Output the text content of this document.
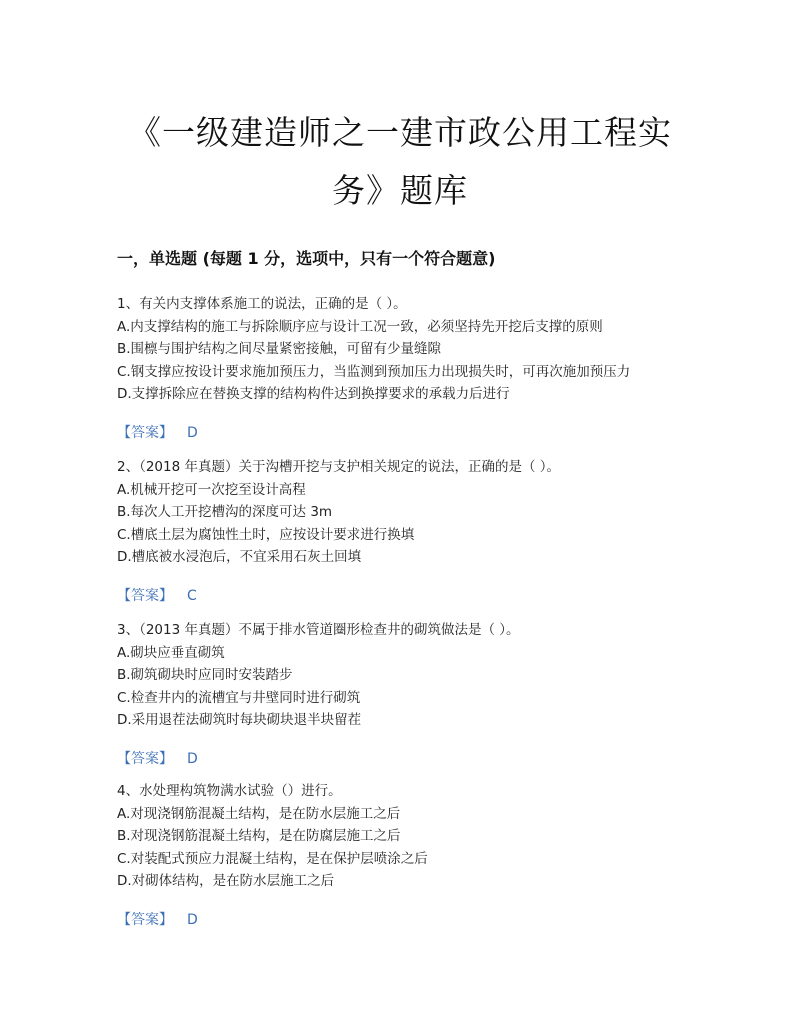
《一级建造师之一建市政公用工程实
务》题库
一，单选题 (每题 1 分，选项中，只有一个符合题意)
1、有关内支撑体系施工的说法，正确的是（ ）。
A.内支撑结构的施工与拆除顺序应与设计工况一致，必须坚持先开挖后支撑的原则
B.围檩与围护结构之间尽量紧密接触，可留有少量缝隙
C.钢支撑应按设计要求施加预压力，当监测到预加压力出现损失时，可再次施加预压力
D.支撑拆除应在替换支撑的结构构件达到换撑要求的承载力后进行
【答案】 D
2、（2018 年真题）关于沟槽开挖与支护相关规定的说法，正确的是（ ）。
A.机械开挖可一次挖至设计高程
B.每次人工开挖槽沟的深度可达 3m
C.槽底土层为腐蚀性土时，应按设计要求进行换填
D.槽底被水浸泡后，不宜采用石灰土回填
【答案】 C
3、（2013 年真题）不属于排水管道圈形检查井的砌筑做法是（ ）。
A.砌块应垂直砌筑
B.砌筑砌块时应同时安装踏步
C.检查井内的流槽宜与井壁同时进行砌筑
D.采用退茬法砌筑时每块砌块退半块留茬
【答案】 D
4、水处理构筑物满水试验（）进行。
A.对现浇钢筋混凝土结构，是在防水层施工之后
B.对现浇钢筋混凝土结构，是在防腐层施工之后
C.对装配式预应力混凝土结构，是在保护层喷涂之后
D.对砌体结构，是在防水层施工之后
【答案】 D
